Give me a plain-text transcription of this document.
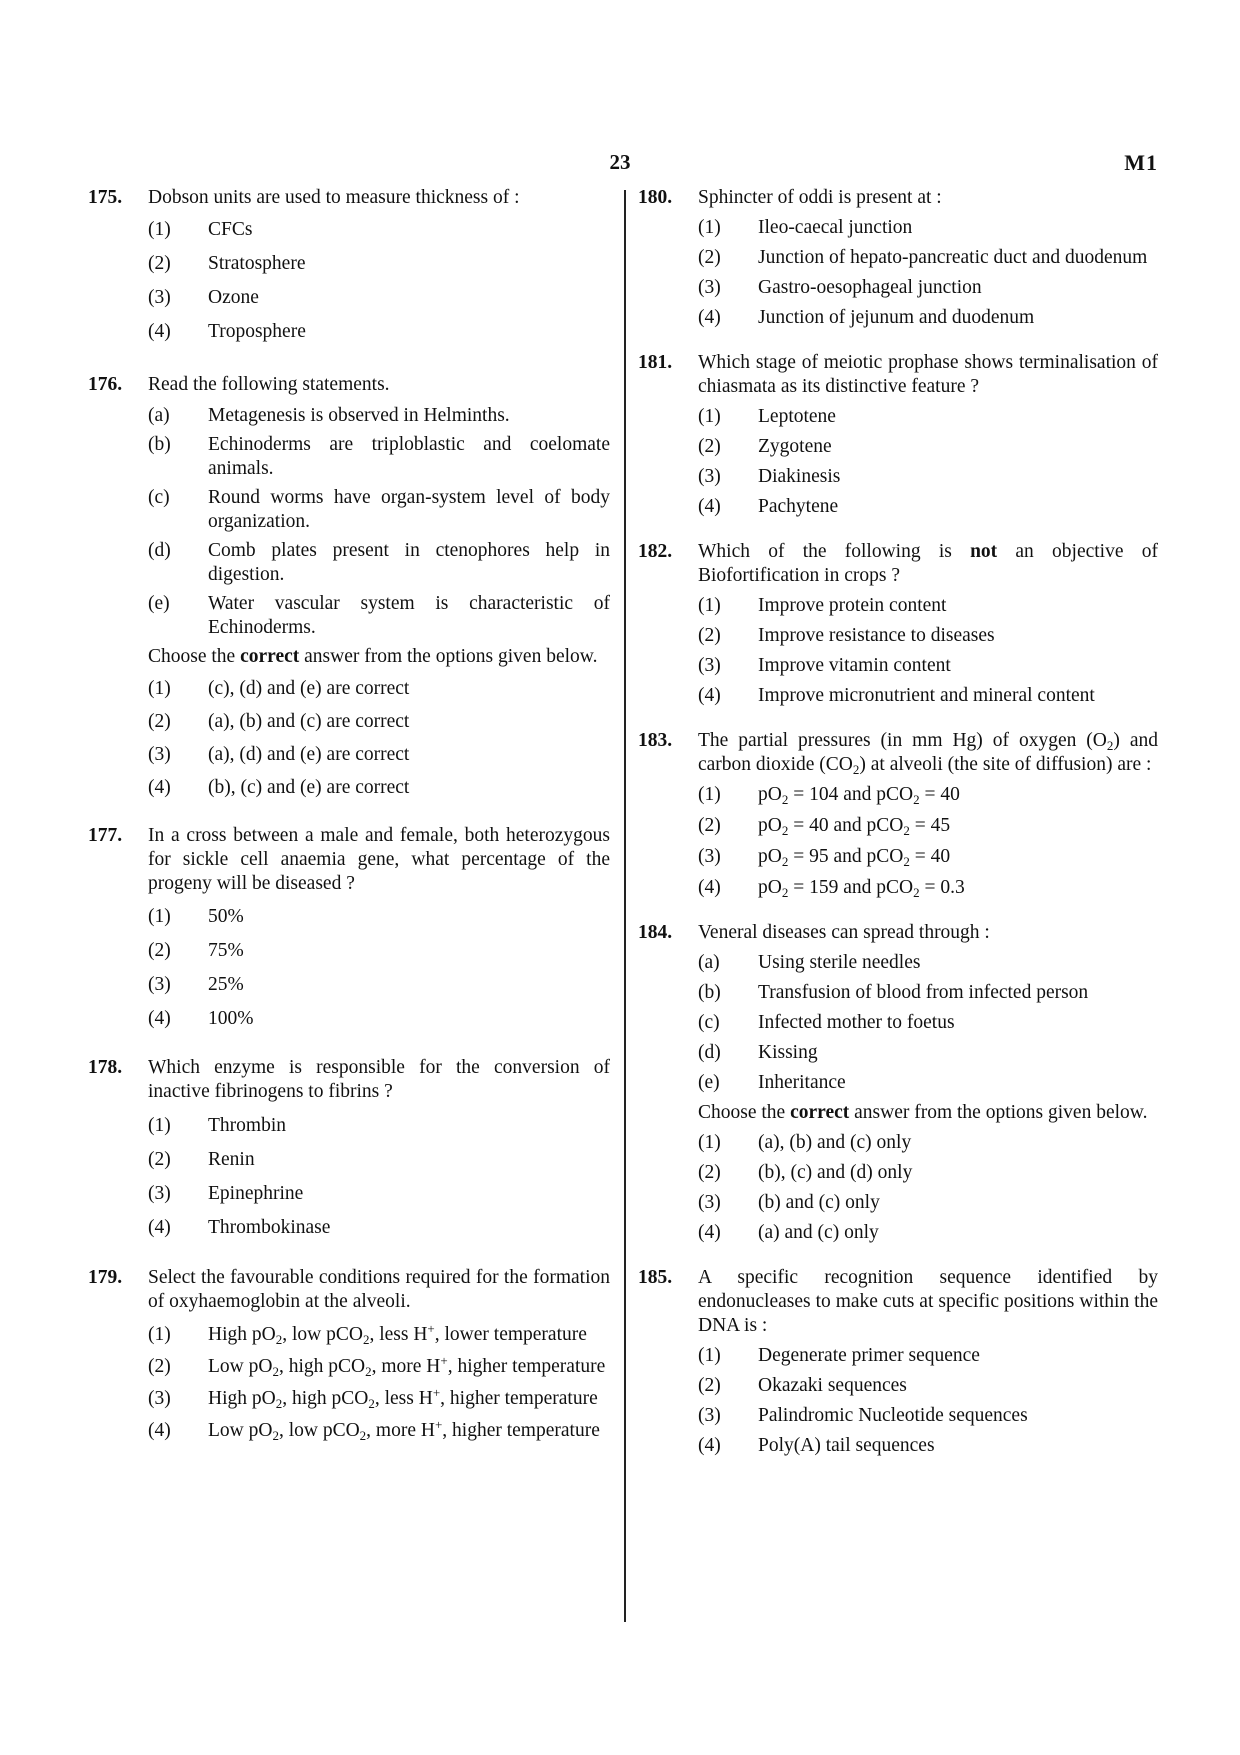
23	M1
175.	Dobson units are used to measure thickness of :
(1)	CFCs
(2)	Stratosphere
(3)	Ozone
(4)	Troposphere
176.	Read the following statements.
(a)	Metagenesis is observed in Helminths.
(b)	Echinoderms are triploblastic and coelomate animals.
(c)	Round worms have organ-system level of body organization.
(d)	Comb plates present in ctenophores help in digestion.
(e)	Water vascular system is characteristic of Echinoderms.
Choose the correct answer from the options given below.
(1)	(c), (d) and (e) are correct
(2)	(a), (b) and (c) are correct
(3)	(a), (d) and (e) are correct
(4)	(b), (c) and (e) are correct
177.	In a cross between a male and female, both heterozygous for sickle cell anaemia gene, what percentage of the progeny will be diseased ?
(1)	50%
(2)	75%
(3)	25%
(4)	100%
178.	Which enzyme is responsible for the conversion of inactive fibrinogens to fibrins ?
(1)	Thrombin
(2)	Renin
(3)	Epinephrine
(4)	Thrombokinase
179.	Select the favourable conditions required for the formation of oxyhaemoglobin at the alveoli.
(1)	High $pO_2$, low pCO$_2$, less H+, lower temperature
(2)	Low $pO_2$, high pCO$_2$, more H+, higher temperature
(3)	High $pO_2$, high pCO$_2$, less H+, higher temperature
(4)	Low $pO_2$, low pCO$_2$, more H+, higher temperature
180.	Sphincter of oddi is present at :
(1)	Ileo-caecal junction
(2)	Junction of hepato-pancreatic duct and duodenum
(3)	Gastro-oesophageal junction
(4)	Junction of jejunum and duodenum
181.	Which stage of meiotic prophase shows terminalisation of chiasmata as its distinctive feature ?
(1)	Leptotene
(2)	Zygotene
(3)	Diakinesis
(4)	Pachytene
182.	Which of the following is not an objective of Biofortification in crops ?
(1)	Improve protein content
(2)	Improve resistance to diseases
(3)	Improve vitamin content
(4)	Improve micronutrient and mineral content
183.	The partial pressures (in mm Hg) of oxygen $(O_2)$ and carbon dioxide $(CO_2)$ at alveoli (the site of diffusion) are :
(1)	$pO_2 = 104$ and pCO$_2$ = 40
(2)	$pO_2 = 40$ and pCO$_2$ = 45
(3)	$pO_2 = 95$ and pCO$_2$ = 40
(4)	$pO_2 = 159$ and pCO$_2$ = 0.3
184.	Veneral diseases can spread through :
(a)	Using sterile needles
(b)	Transfusion of blood from infected person
(c)	Infected mother to foetus
(d)	Kissing
(e)	Inheritance
Choose the correct answer from the options given below.
(1)	(a), (b) and (c) only
(2)	(b), (c) and (d) only
(3)	(b) and (c) only
(4)	(a) and (c) only
185.	A specific recognition sequence identified by endonucleases to make cuts at specific positions within the DNA is :
(1)	Degenerate primer sequence
(2)	Okazaki sequences
(3)	Palindromic Nucleotide sequences
(4)	Poly(A) tail sequences
